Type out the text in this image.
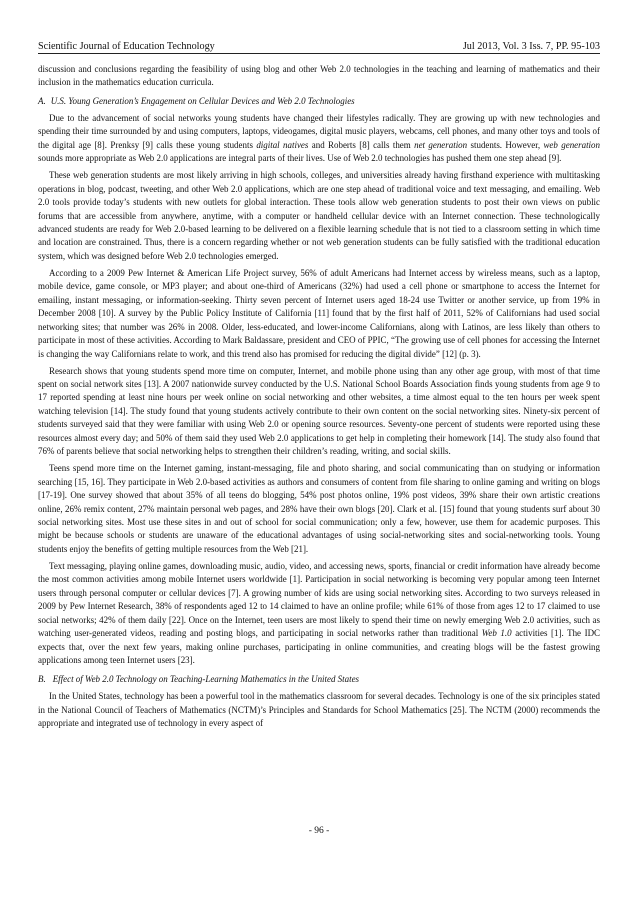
Scientific Journal of Education Technology	Jul 2013, Vol. 3 Iss. 7, PP. 95-103

discussion and conclusions regarding the feasibility of using blog and other Web 2.0 technologies in the teaching and learning of mathematics and their inclusion in the mathematics education curricula.

A. U.S. Young Generation’s Engagement on Cellular Devices and Web 2.0 Technologies

Due to the advancement of social networks young students have changed their lifestyles radically. They are growing up with new technologies and spending their time surrounded by and using computers, laptops, videogames, digital music players, webcams, cell phones, and many other toys and tools of the digital age [8]. Prenksy [9] calls these young students digital natives and Roberts [8] calls them net generation students. However, web generation sounds more appropriate as Web 2.0 applications are integral parts of their lives. Use of Web 2.0 technologies has pushed them one step ahead [9].

These web generation students are most likely arriving in high schools, colleges, and universities already having firsthand experience with multitasking operations in blog, podcast, tweeting, and other Web 2.0 applications, which are one step ahead of traditional voice and text messaging, and emailing. Web 2.0 tools provide today’s students with new outlets for global interaction. These tools allow web generation students to post their own views on public forums that are accessible from anywhere, anytime, with a computer or handheld cellular device with an Internet connection. These technologically advanced students are ready for Web 2.0-based learning to be delivered on a flexible learning schedule that is not tied to a classroom setting in which time and location are constrained. Thus, there is a concern regarding whether or not web generation students can be fully satisfied with the traditional education system, which was designed before Web 2.0 technologies emerged.

According to a 2009 Pew Internet & American Life Project survey, 56% of adult Americans had Internet access by wireless means, such as a laptop, mobile device, game console, or MP3 player; and about one-third of Americans (32%) had used a cell phone or smartphone to access the Internet for emailing, instant messaging, or information-seeking. Thirty seven percent of Internet users aged 18-24 use Twitter or another service, up from 19% in December 2008 [10]. A survey by the Public Policy Institute of California [11] found that by the first half of 2011, 52% of Californians had used social networking sites; that number was 26% in 2008. Older, less-educated, and lower-income Californians, along with Latinos, are less likely than others to participate in most of these activities. According to Mark Baldassare, president and CEO of PPIC, “The growing use of cell phones for accessing the Internet is changing the way Californians relate to work, and this trend also has promised for reducing the digital divide” [12] (p. 3).

Research shows that young students spend more time on computer, Internet, and mobile phone using than any other age group, with most of that time spent on social network sites [13]. A 2007 nationwide survey conducted by the U.S. National School Boards Association finds young students from age 9 to 17 reported spending at least nine hours per week online on social networking and other websites, a time almost equal to the ten hours per week spent watching television [14]. The study found that young students actively contribute to their own content on the social networking sites. Ninety-six percent of students surveyed said that they were familiar with using Web 2.0 or opening source resources. Seventy-one percent of students were reported using these resources almost every day; and 50% of them said they used Web 2.0 applications to get help in completing their homework [14]. The study also found that 76% of parents believe that social networking helps to strengthen their children’s reading, writing, and social skills.

Teens spend more time on the Internet gaming, instant-messaging, file and photo sharing, and social communicating than on studying or information searching [15, 16]. They participate in Web 2.0-based activities as authors and consumers of content from file sharing to online gaming and writing on blogs [17-19]. One survey showed that about 35% of all teens do blogging, 54% post photos online, 19% post videos, 39% share their own artistic creations online, 26% remix content, 27% maintain personal web pages, and 28% have their own blogs [20]. Clark et al. [15] found that young students surf about 30 social networking sites. Most use these sites in and out of school for social communication; only a few, however, use them for academic purposes. This might be because schools or students are unaware of the educational advantages of using social-networking sites and social-networking tools. Young students enjoy the benefits of getting multiple resources from the Web [21].

Text messaging, playing online games, downloading music, audio, video, and accessing news, sports, financial or credit information have already become the most common activities among mobile Internet users worldwide [1]. Participation in social networking is becoming very popular among teen Internet users through personal computer or cellular devices [7]. A growing number of kids are using social networking sites. According to two surveys released in 2009 by Pew Internet Research, 38% of respondents aged 12 to 14 claimed to have an online profile; while 61% of those from ages 12 to 17 claimed to use social networks; 42% of them daily [22]. Once on the Internet, teen users are most likely to spend their time on newly emerging Web 2.0 activities, such as watching user-generated videos, reading and posting blogs, and participating in social networks rather than traditional Web 1.0 activities [1]. The IDC expects that, over the next few years, making online purchases, participating in online communities, and creating blogs will be the fastest growing applications among teen Internet users [23].

B. Effect of Web 2.0 Technology on Teaching-Learning Mathematics in the United States

In the United States, technology has been a powerful tool in the mathematics classroom for several decades. Technology is one of the six principles stated in the National Council of Teachers of Mathematics (NCTM)’s Principles and Standards for School Mathematics [25]. The NCTM (2000) recommends the appropriate and integrated use of technology in every aspect of

- 96 -
